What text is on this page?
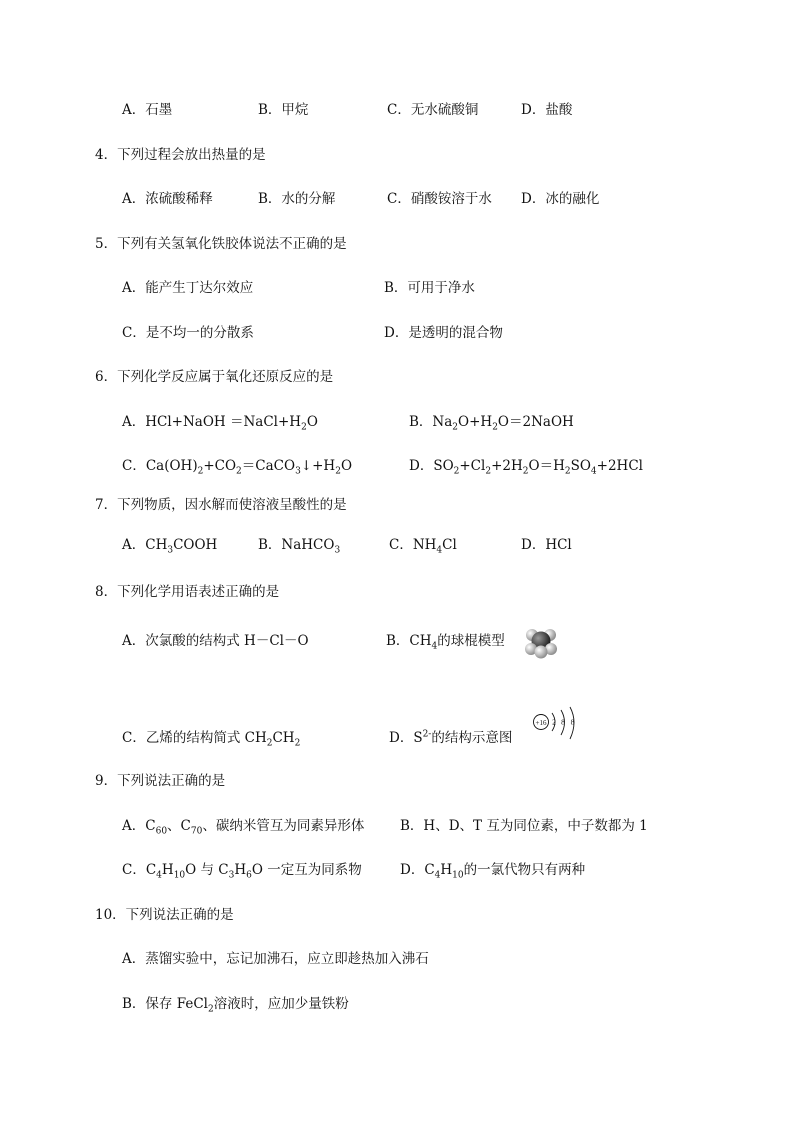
A．石墨	B．甲烷	C．无水硫酸铜	D．盐酸
4．下列过程会放出热量的是
A．浓硫酸稀释	B．水的分解	C．硝酸铵溶于水 D．冰的融化
5．下列有关氢氧化铁胶体说法不正确的是
A．能产生丁达尔效应	B．可用于净水
C．是不均一的分散系	D．是透明的混合物
6．下列化学反应属于氧化还原反应的是
A．HCl+NaOH $=NaCl+H_2O$	B．$Na_2O+H_2O=2NaOH$
C．$Ca(OH)_2+CO_2=CaCO_3↓+H_2O$	D．$SO_2+Cl_2+2H_2O=H_2SO_4+2HCl$
7．下列物质，因水解而使溶液呈酸性的是
A．$CH_3COOH$	B．NaHCO$_3$	C．$NH_4Cl$	D．HCl
8．下列化学用语表述正确的是
A．次氯酸的结构式 H－Cl－O	B．$CH_4$的球棍模型
C．乙烯的结构简式 $CH_2CH_2$	D．$S^{2-}$的结构示意图
+16 2 8 8
9．下列说法正确的是
A．$C_{60}$、$C_{70}$、碳纳米管互为同素异形体	B．H、D、T 互为同位素，中子数都为 1
C．$C_4H_{10}O$ 与 $C_3H_6O$ 一定互为同系物	D．$C_4H_{10}$的一氯代物只有两种
10．下列说法正确的是
A．蒸馏实验中，忘记加沸石，应立即趁热加入沸石
B．保存 FeCl$_2$溶液时，应加少量铁粉
